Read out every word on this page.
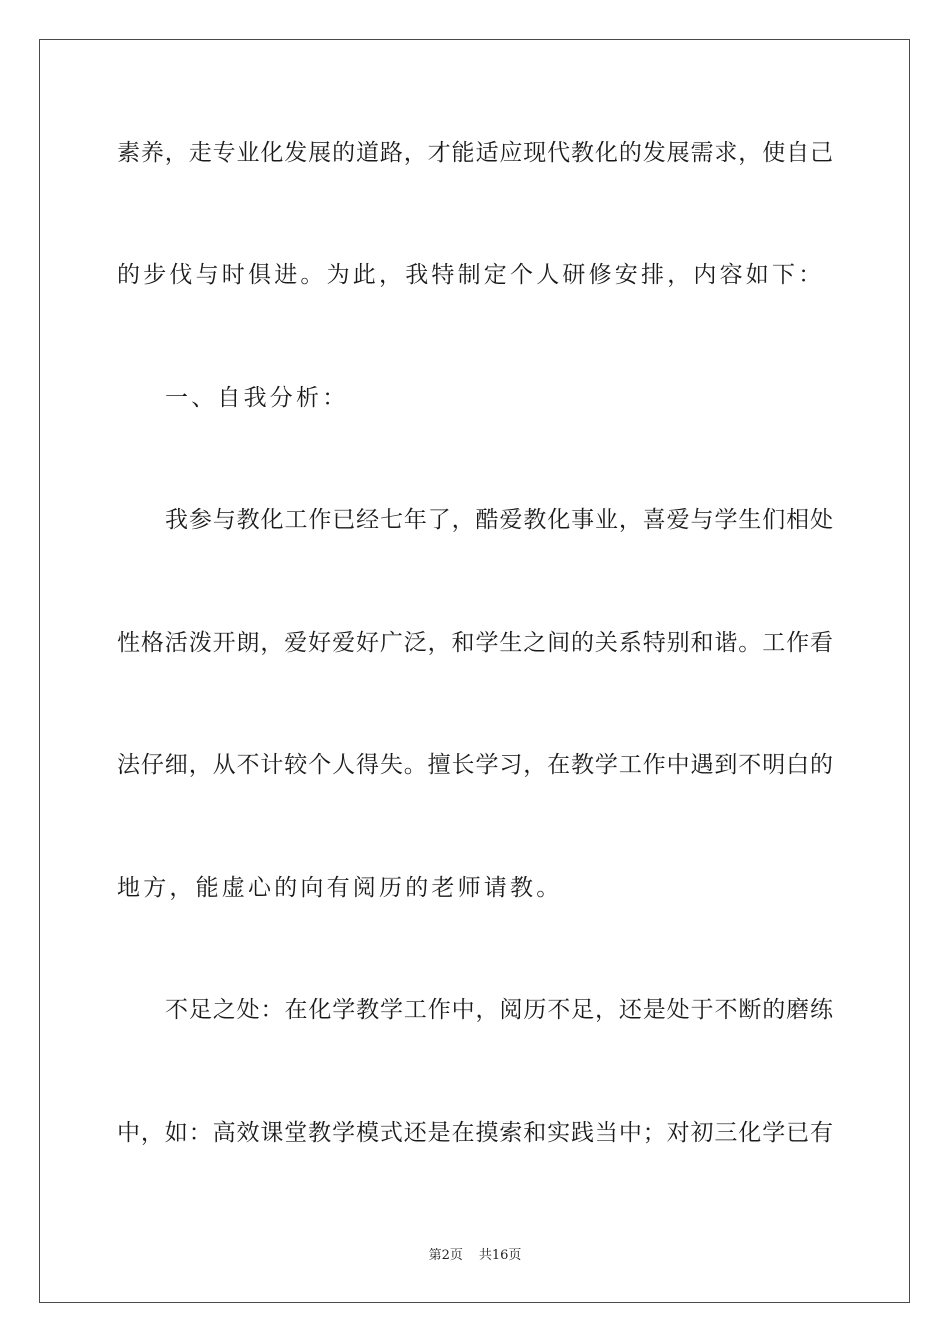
素养，走专业化发展的道路，才能适应现代教化的发展需求，使自己
的步伐与时俱进。为此，我特制定个人研修安排，内容如下：
一、自我分析：
我参与教化工作已经七年了，酷爱教化事业，喜爱与学生们相处
性格活泼开朗，爱好爱好广泛，和学生之间的关系特别和谐。工作看
法仔细，从不计较个人得失。擅长学习，在教学工作中遇到不明白的
地方，能虚心的向有阅历的老师请教。
不足之处：在化学教学工作中，阅历不足，还是处于不断的磨练
中，如：高效课堂教学模式还是在摸索和实践当中；对初三化学已有
第2页 共16页
